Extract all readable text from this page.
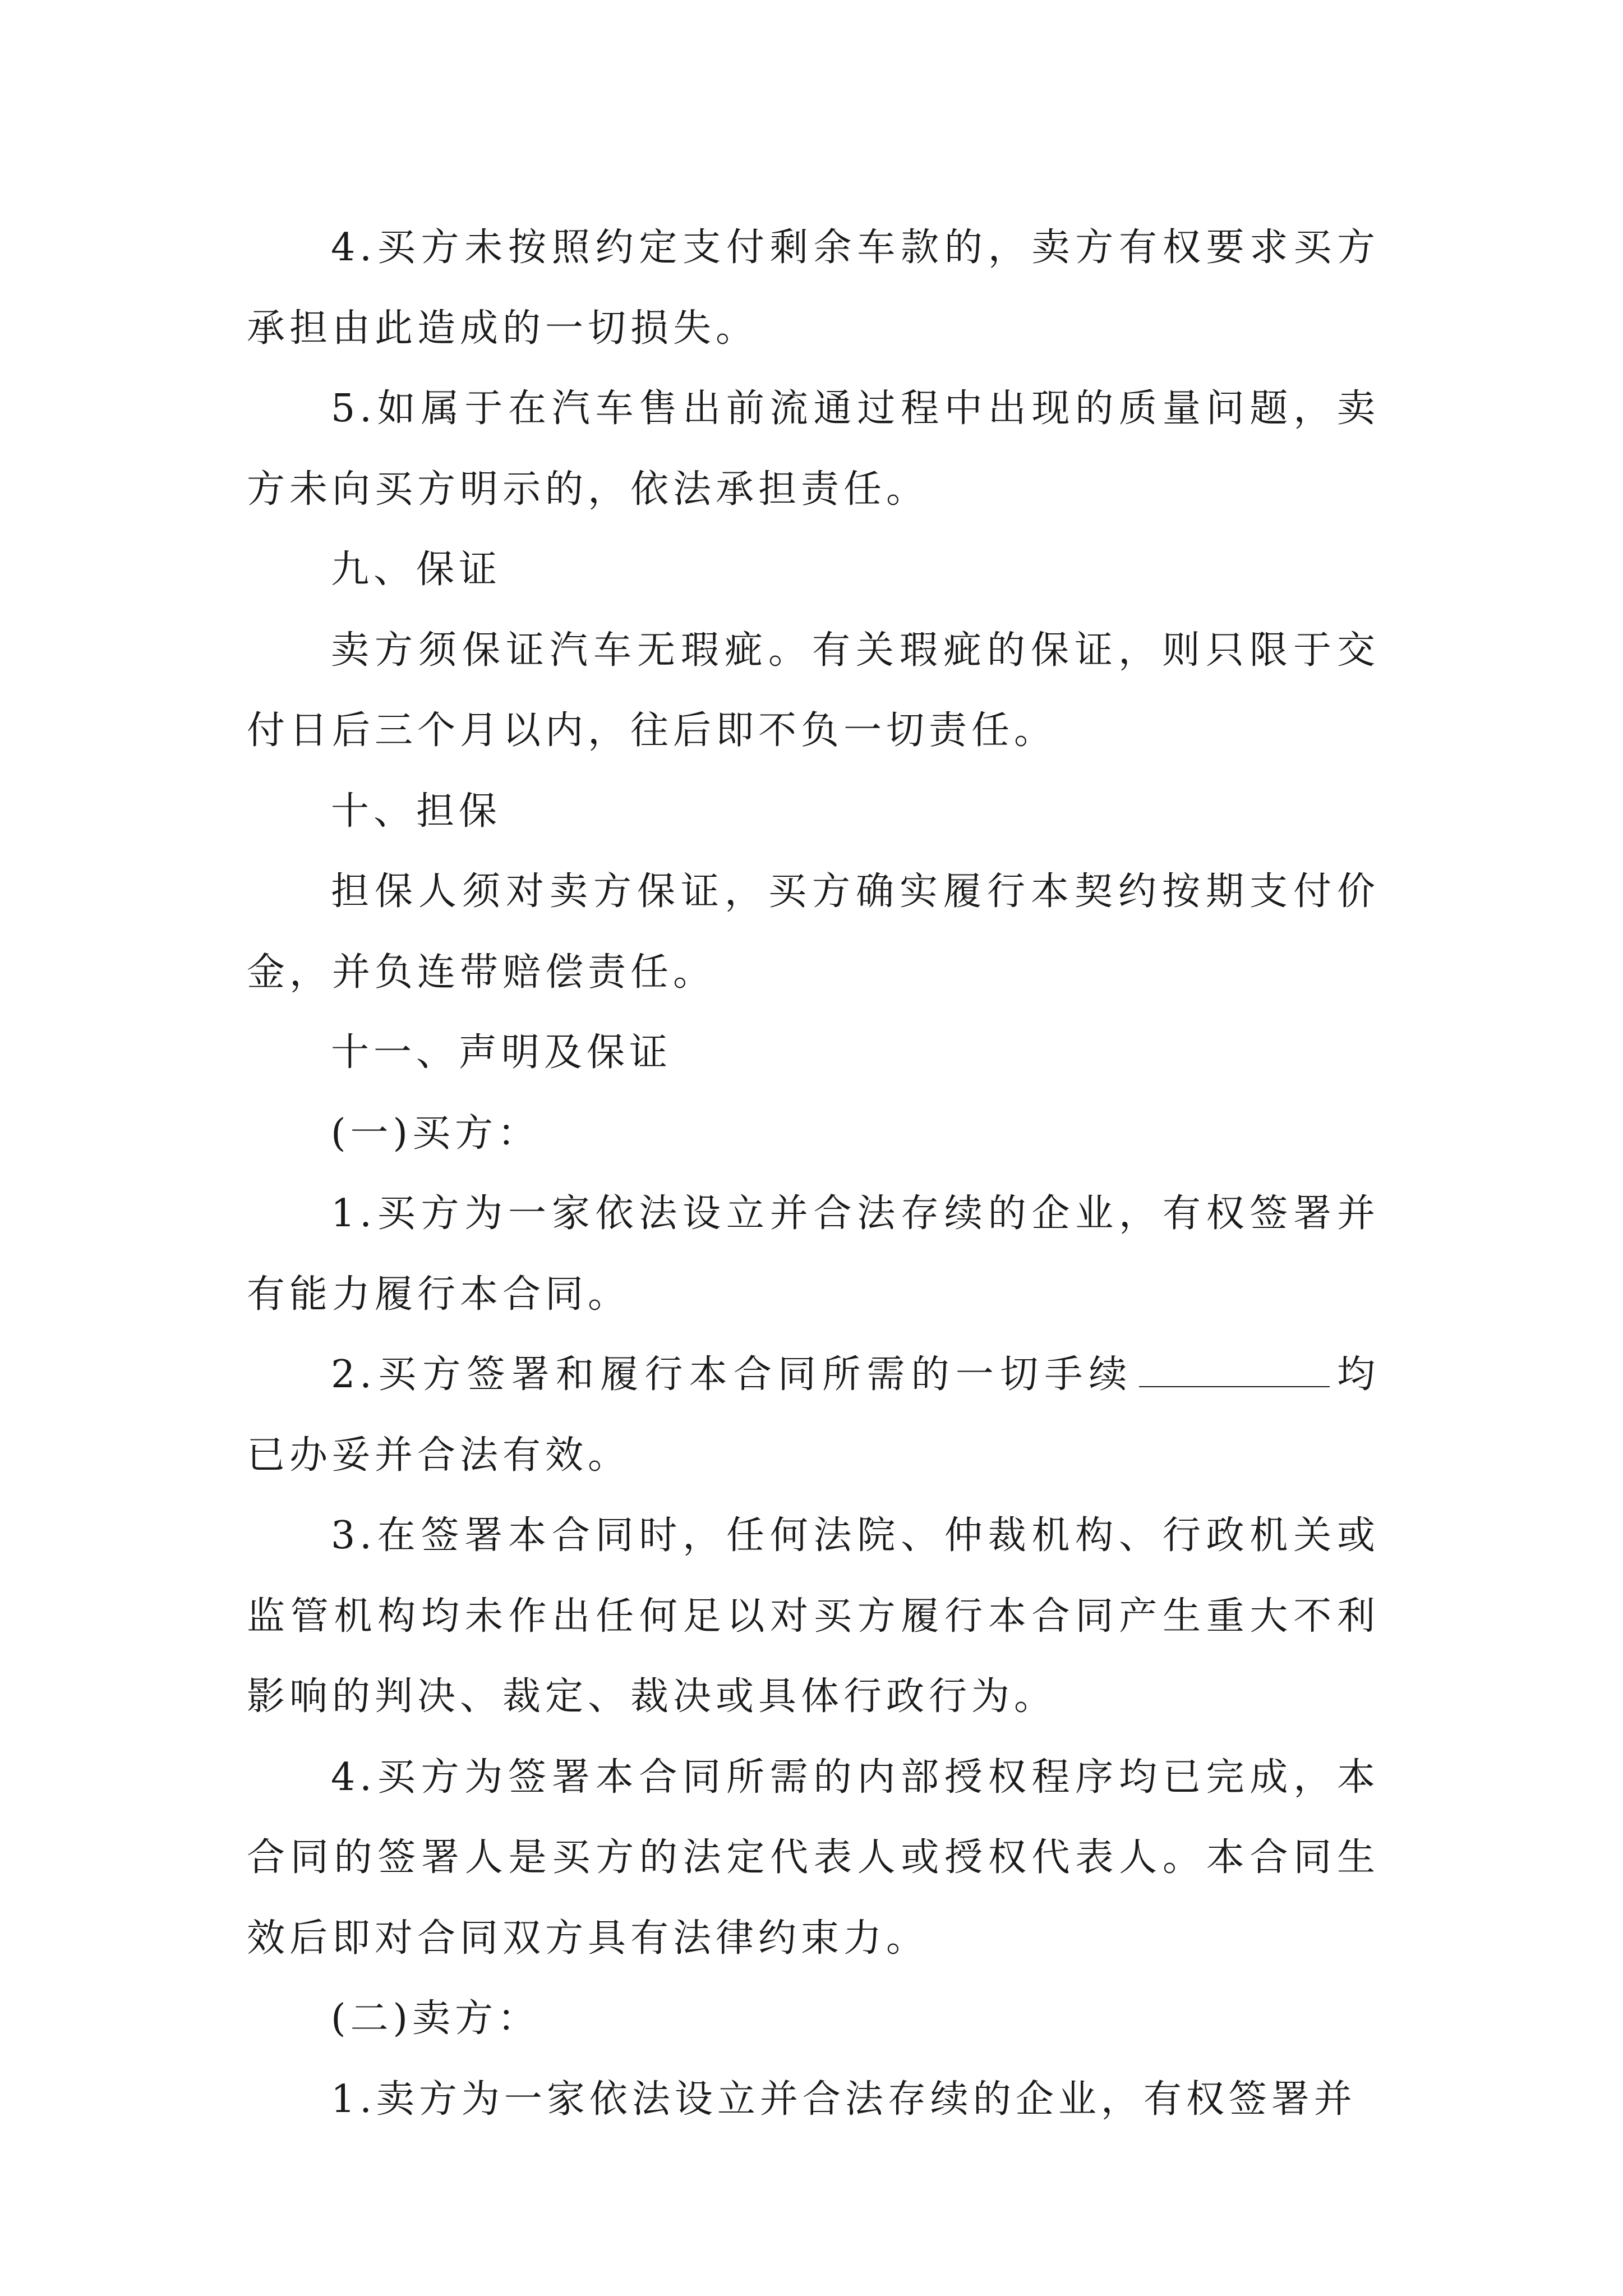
4.买方未按照约定支付剩余车款的，卖方有权要求买方承担由此造成的一切损失。

5.如属于在汽车售出前流通过程中出现的质量问题，卖方未向买方明示的，依法承担责任。

九、保证

卖方须保证汽车无瑕疵。有关瑕疵的保证，则只限于交付日后三个月以内，往后即不负一切责任。

十、担保

担保人须对卖方保证，买方确实履行本契约按期支付价金，并负连带赔偿责任。

十一、声明及保证

(一)买方：

1.买方为一家依法设立并合法存续的企业，有权签署并有能力履行本合同。

2.买方签署和履行本合同所需的一切手续	均已办妥并合法有效。

3.在签署本合同时，任何法院、仲裁机构、行政机关或监管机构均未作出任何足以对买方履行本合同产生重大不利影响的判决、裁定、裁决或具体行政行为。

4.买方为签署本合同所需的内部授权程序均已完成，本合同的签署人是买方的法定代表人或授权代表人。本合同生效后即对合同双方具有法律约束力。

(二)卖方：

1.卖方为一家依法设立并合法存续的企业，有权签署并
